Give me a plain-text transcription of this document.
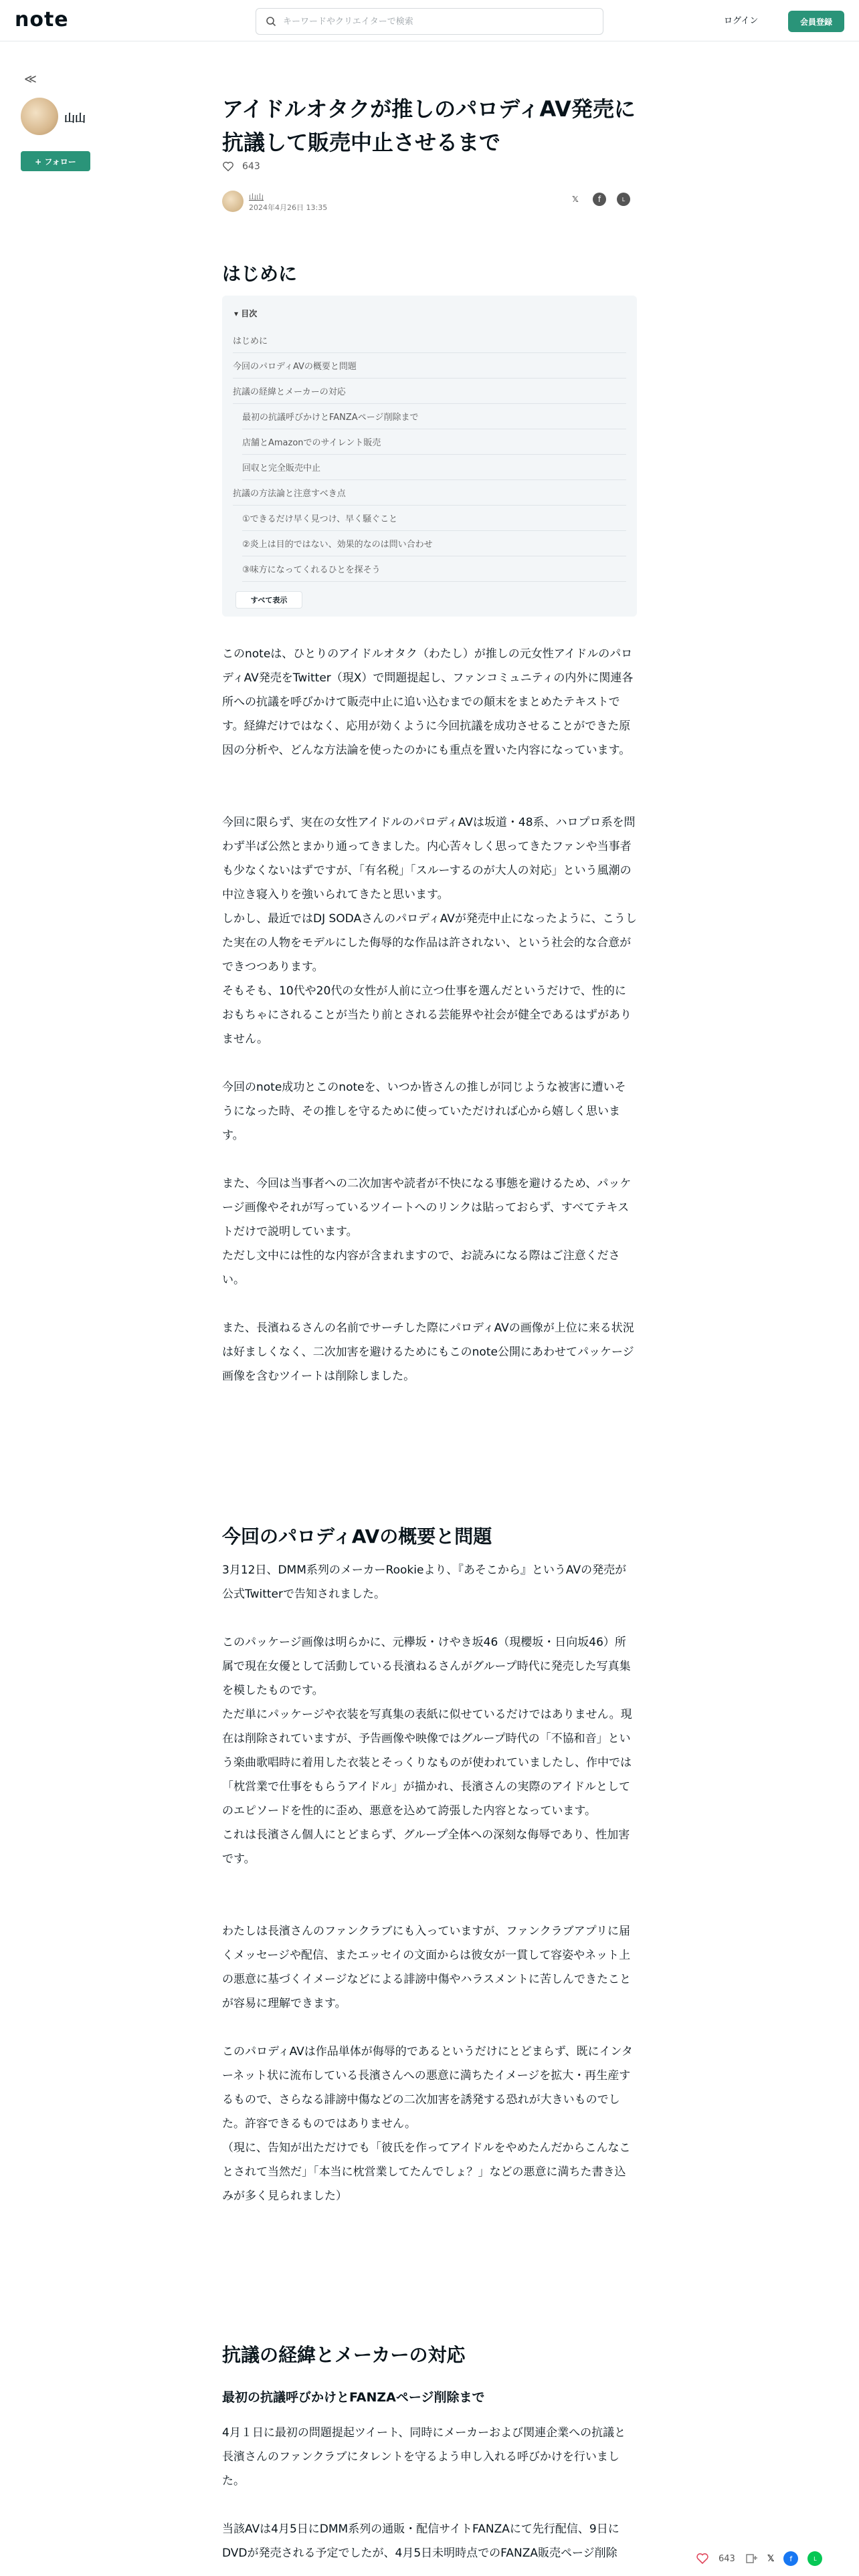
note
キーワードやクリエイターで検索	ログイン	会員登録
≪
山山
+ フォロー
アイドルオタクが推しのパロディAV発売に抗議して販売中止させるまで
643
山山
2024年4月26日 13:35
𝕏	f	L
はじめに
▾ 目次
はじめに
今回のパロディAVの概要と問題
抗議の経緯とメーカーの対応
最初の抗議呼びかけとFANZAページ削除まで
店舗とAmazonでのサイレント販売
回収と完全販売中止
抗議の方法論と注意すべき点
①できるだけ早く見つけ、早く騒ぐこと
②炎上は目的ではない、効果的なのは問い合わせ
③味方になってくれるひとを探そう
すべて表示
このnoteは、ひとりのアイドルオタク（わたし）が推しの元女性アイドルのパロディAV発売をTwitter（現X）で問題提起し、ファンコミュニティの内外に関連各所への抗議を呼びかけて販売中止に追い込むまでの顛末をまとめたテキストです。経緯だけではなく、応用が効くように今回抗議を成功させることができた原因の分析や、どんな方法論を使ったのかにも重点を置いた内容になっています。
今回に限らず、実在の女性アイドルのパロディAVは坂道・48系、ハロプロ系を問わず半ば公然とまかり通ってきました。内心苦々しく思ってきたファンや当事者も少なくないはずですが、「有名税」「スルーするのが大人の対応」という風潮の中泣き寝入りを強いられてきたと思います。
しかし、最近ではDJ SODAさんのパロディAVが発売中止になったように、こうした実在の人物をモデルにした侮辱的な作品は許されない、という社会的な合意ができつつあります。
そもそも、10代や20代の女性が人前に立つ仕事を選んだというだけで、性的におもちゃにされることが当たり前とされる芸能界や社会が健全であるはずがありません。
今回のnote成功とこのnoteを、いつか皆さんの推しが同じような被害に遭いそうになった時、その推しを守るために使っていただければ心から嬉しく思います。
また、今回は当事者への二次加害や読者が不快になる事態を避けるため、パッケージ画像やそれが写っているツイートへのリンクは貼っておらず、すべてテキストだけで説明しています。
ただし文中には性的な内容が含まれますので、お読みになる際はご注意ください。
また、長濱ねるさんの名前でサーチした際にパロディAVの画像が上位に来る状況は好ましくなく、二次加害を避けるためにもこのnote公開にあわせてパッケージ画像を含むツイートは削除しました。
今回のパロディAVの概要と問題
3月12日、DMM系列のメーカーRookieより、『あそこから』というAVの発売が公式Twitterで告知されました。
このパッケージ画像は明らかに、元欅坂・けやき坂46（現櫻坂・日向坂46）所属で現在女優として活動している長濱ねるさんがグループ時代に発売した写真集を模したものです。
ただ単にパッケージや衣装を写真集の表紙に似せているだけではありません。現在は削除されていますが、予告画像や映像ではグループ時代の「不協和音」という楽曲歌唱時に着用した衣装とそっくりなものが使われていましたし、作中では「枕営業で仕事をもらうアイドル」が描かれ、長濱さんの実際のアイドルとしてのエピソードを性的に歪め、悪意を込めて誇張した内容となっています。
これは長濱さん個人にとどまらず、グループ全体への深刻な侮辱であり、性加害です。
わたしは長濱さんのファンクラブにも入っていますが、ファンクラブアプリに届くメッセージや配信、またエッセイの文面からは彼女が一貫して容姿やネット上の悪意に基づくイメージなどによる誹謗中傷やハラスメントに苦しんできたことが容易に理解できます。
このパロディAVは作品単体が侮辱的であるというだけにとどまらず、既にインターネット状に流布している長濱さんへの悪意に満ちたイメージを拡大・再生産するもので、さらなる誹謗中傷などの二次加害を誘発する恐れが大きいものでした。許容できるものではありません。
（現に、告知が出ただけでも「彼氏を作ってアイドルをやめたんだからこんなことされて当然だ」「本当に枕営業してたんでしょ？」などの悪意に満ちた書き込みが多く見られました）
抗議の経緯とメーカーの対応
最初の抗議呼びかけとFANZAページ削除まで
4月１日に最初の問題提起ツイート、同時にメーカーおよび関連企業への抗議と長濱さんのファンクラブにタレントを守るよう申し入れる呼びかけを行いました。
当該AVは4月5日にDMM系列の通販・配信サイトFANZAにて先行配信、9日にDVDが発売される予定でしたが、4月5日未明時点でのFANZA販売ページ削除	643	𝕏	f	L
